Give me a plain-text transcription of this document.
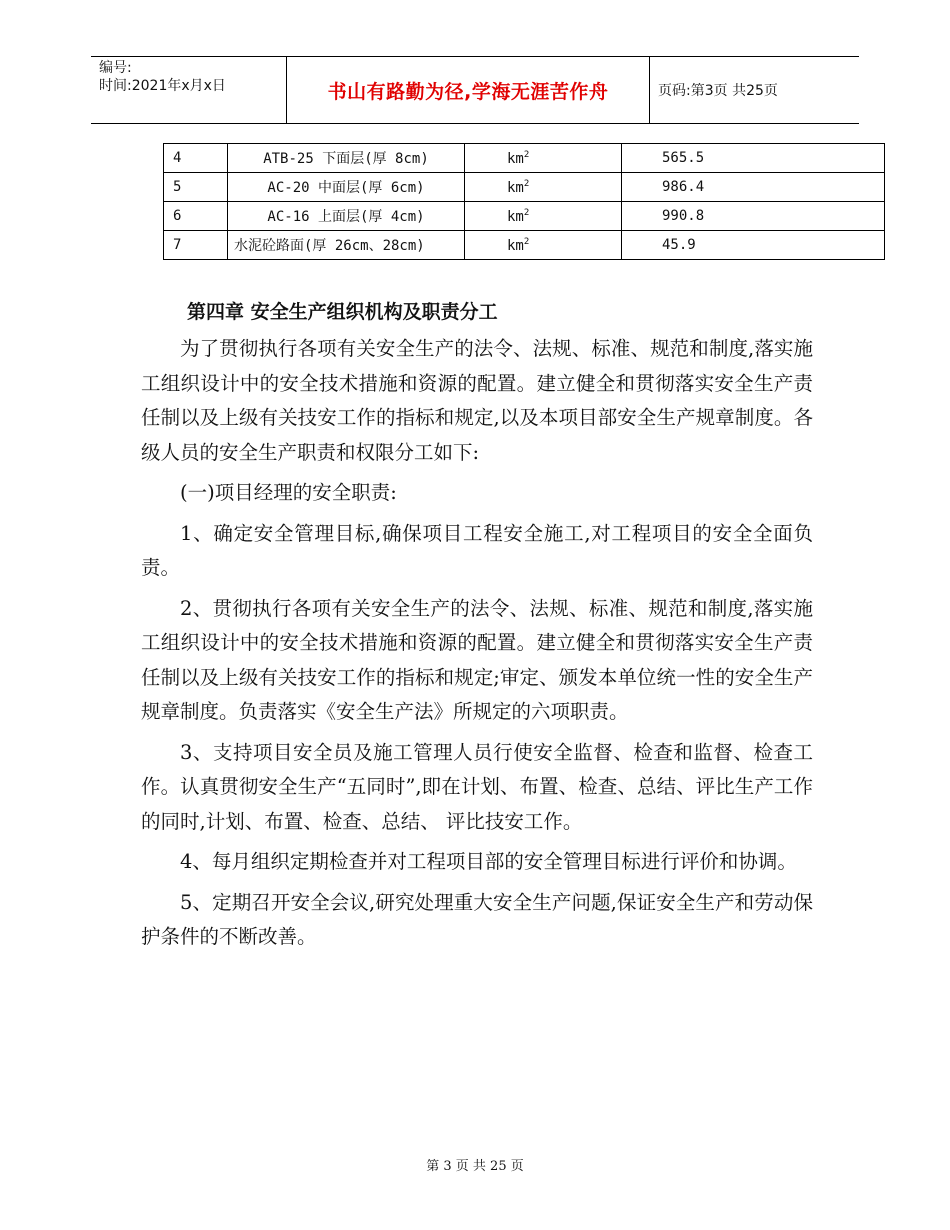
编号:
时间:2021年x月x日	书山有路勤为径,学海无涯苦作舟	页码:第3页 共25页
4	ATB-25 下面层(厚 8cm)	$km^2$	565.5
5	AC-20 中面层(厚 6cm)	$km^2$	986.4
6	AC-16 上面层(厚 4cm)	$km^2$	990.8
7	水泥砼路面(厚 26cm、28cm)	$km^2$	45.9
第四章 安全生产组织机构及职责分工

为了贯彻执行各项有关安全生产的法令、法规、标准、规范和制度,落实施工组织设计中的安全技术措施和资源的配置。建立健全和贯彻落实安全生产责任制以及上级有关技安工作的指标和规定,以及本项目部安全生产规章制度。各级人员的安全生产职责和权限分工如下:

(一)项目经理的安全职责:

1、确定安全管理目标,确保项目工程安全施工,对工程项目的安全全面负责。

2、贯彻执行各项有关安全生产的法令、法规、标准、规范和制度,落实施工组织设计中的安全技术措施和资源的配置。建立健全和贯彻落实安全生产责任制以及上级有关技安工作的指标和规定;审定、颁发本单位统一性的安全生产规章制度。负责落实《安全生产法》所规定的六项职责。

3、支持项目安全员及施工管理人员行使安全监督、检查和监督、检查工作。认真贯彻安全生产“五同时”,即在计划、布置、检查、总结、评比生产工作的同时,计划、布置、检查、总结、 评比技安工作。

4、每月组织定期检查并对工程项目部的安全管理目标进行评价和协调。

5、定期召开安全会议,研究处理重大安全生产问题,保证安全生产和劳动保护条件的不断改善。

第 3 页 共 25 页
